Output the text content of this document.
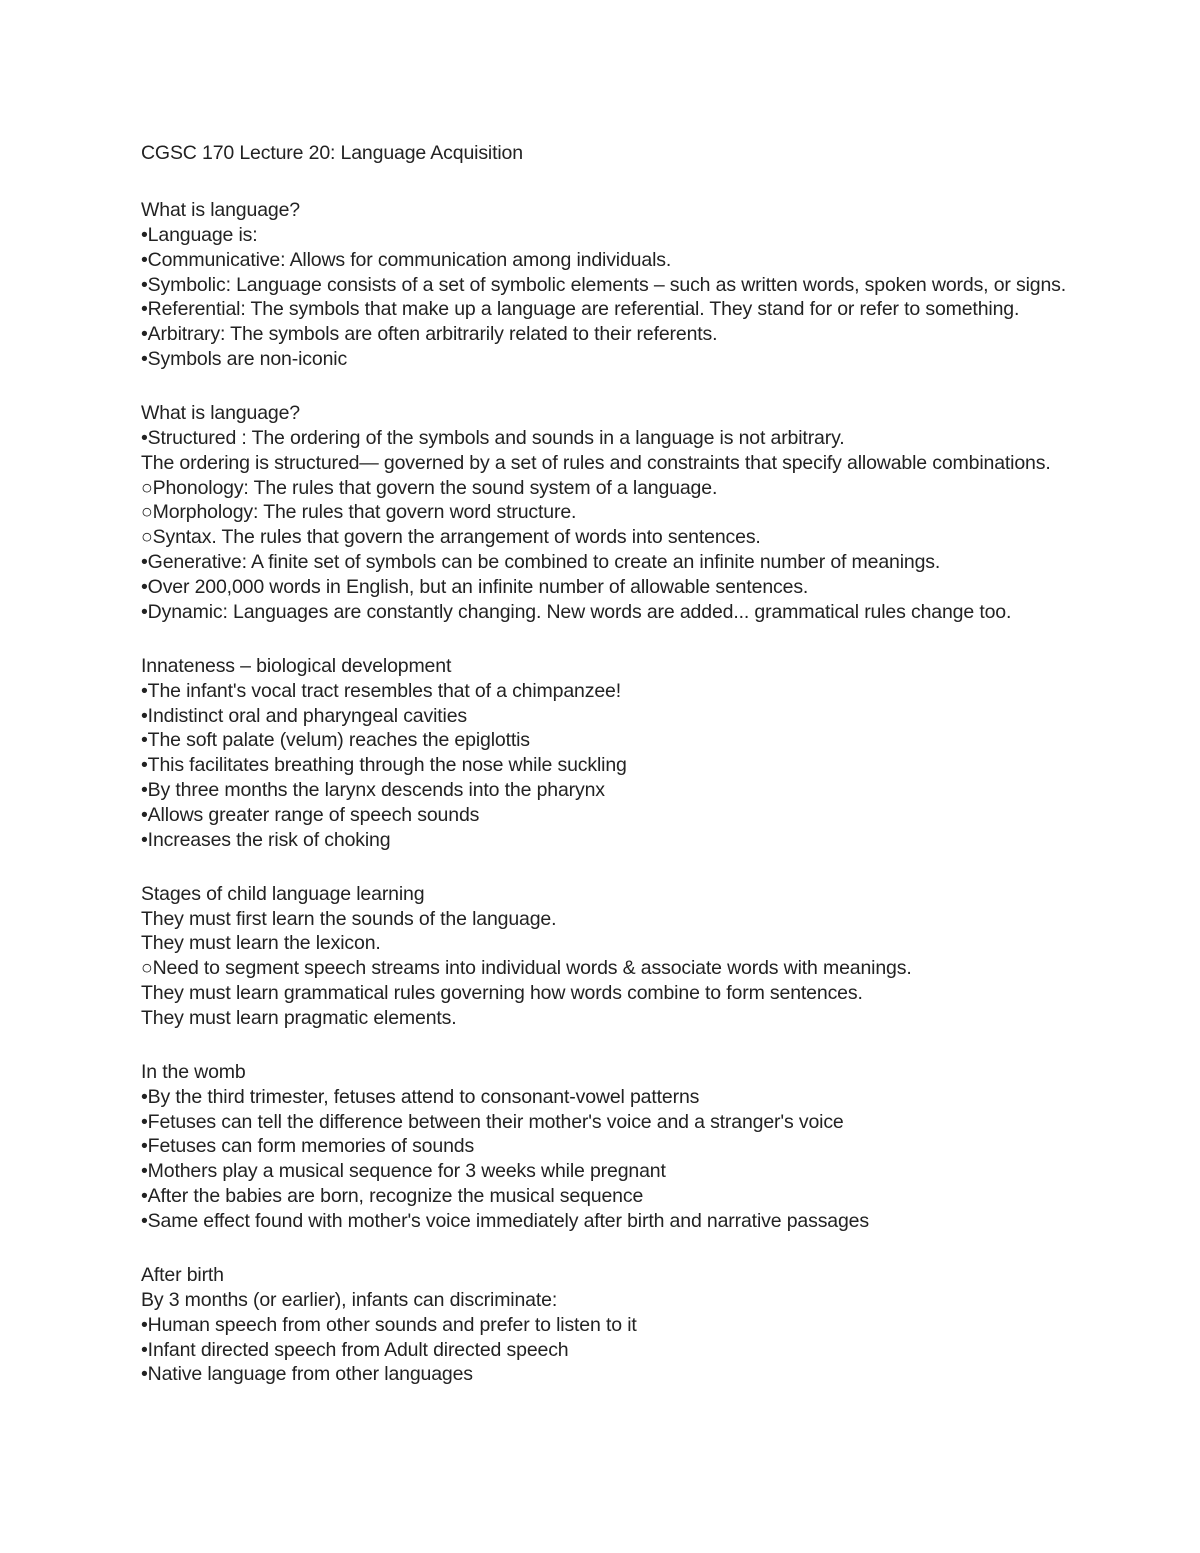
CGSC 170 Lecture 20: Language Acquisition
What is language?
•Language is:
•Communicative: Allows for communication among individuals.
•Symbolic: Language consists of a set of symbolic elements – such as written words, spoken words, or signs.
•Referential: The symbols that make up a language are referential. They stand for or refer to something.
•Arbitrary: The symbols are often arbitrarily related to their referents.
•Symbols are non-iconic
What is language?
•Structured : The ordering of the symbols and sounds in a language is not arbitrary.
The ordering is structured— governed by a set of rules and constraints that specify allowable combinations.
○Phonology: The rules that govern the sound system of a language.
○Morphology: The rules that govern word structure.
○Syntax. The rules that govern the arrangement of words into sentences.
•Generative: A finite set of symbols can be combined to create an infinite number of meanings.
•Over 200,000 words in English, but an infinite number of allowable sentences.
•Dynamic: Languages are constantly changing. New words are added... grammatical rules change too.
Innateness – biological development
•The infant's vocal tract resembles that of a chimpanzee!
•Indistinct oral and pharyngeal cavities
•The soft palate (velum) reaches the epiglottis
•This facilitates breathing through the nose while suckling
•By three months the larynx descends into the pharynx
•Allows greater range of speech sounds
•Increases the risk of choking
Stages of child language learning
They must first learn the sounds of the language.
They must learn the lexicon.
○Need to segment speech streams into individual words & associate words with meanings.
They must learn grammatical rules governing how words combine to form sentences.
They must learn pragmatic elements.
In the womb
•By the third trimester, fetuses attend to consonant-vowel patterns
•Fetuses can tell the difference between their mother's voice and a stranger's voice
•Fetuses can form memories of sounds
•Mothers play a musical sequence for 3 weeks while pregnant
•After the babies are born, recognize the musical sequence
•Same effect found with mother's voice immediately after birth and narrative passages
After birth
By 3 months (or earlier), infants can discriminate:
•Human speech from other sounds and prefer to listen to it
•Infant directed speech from Adult directed speech
•Native language from other languages
